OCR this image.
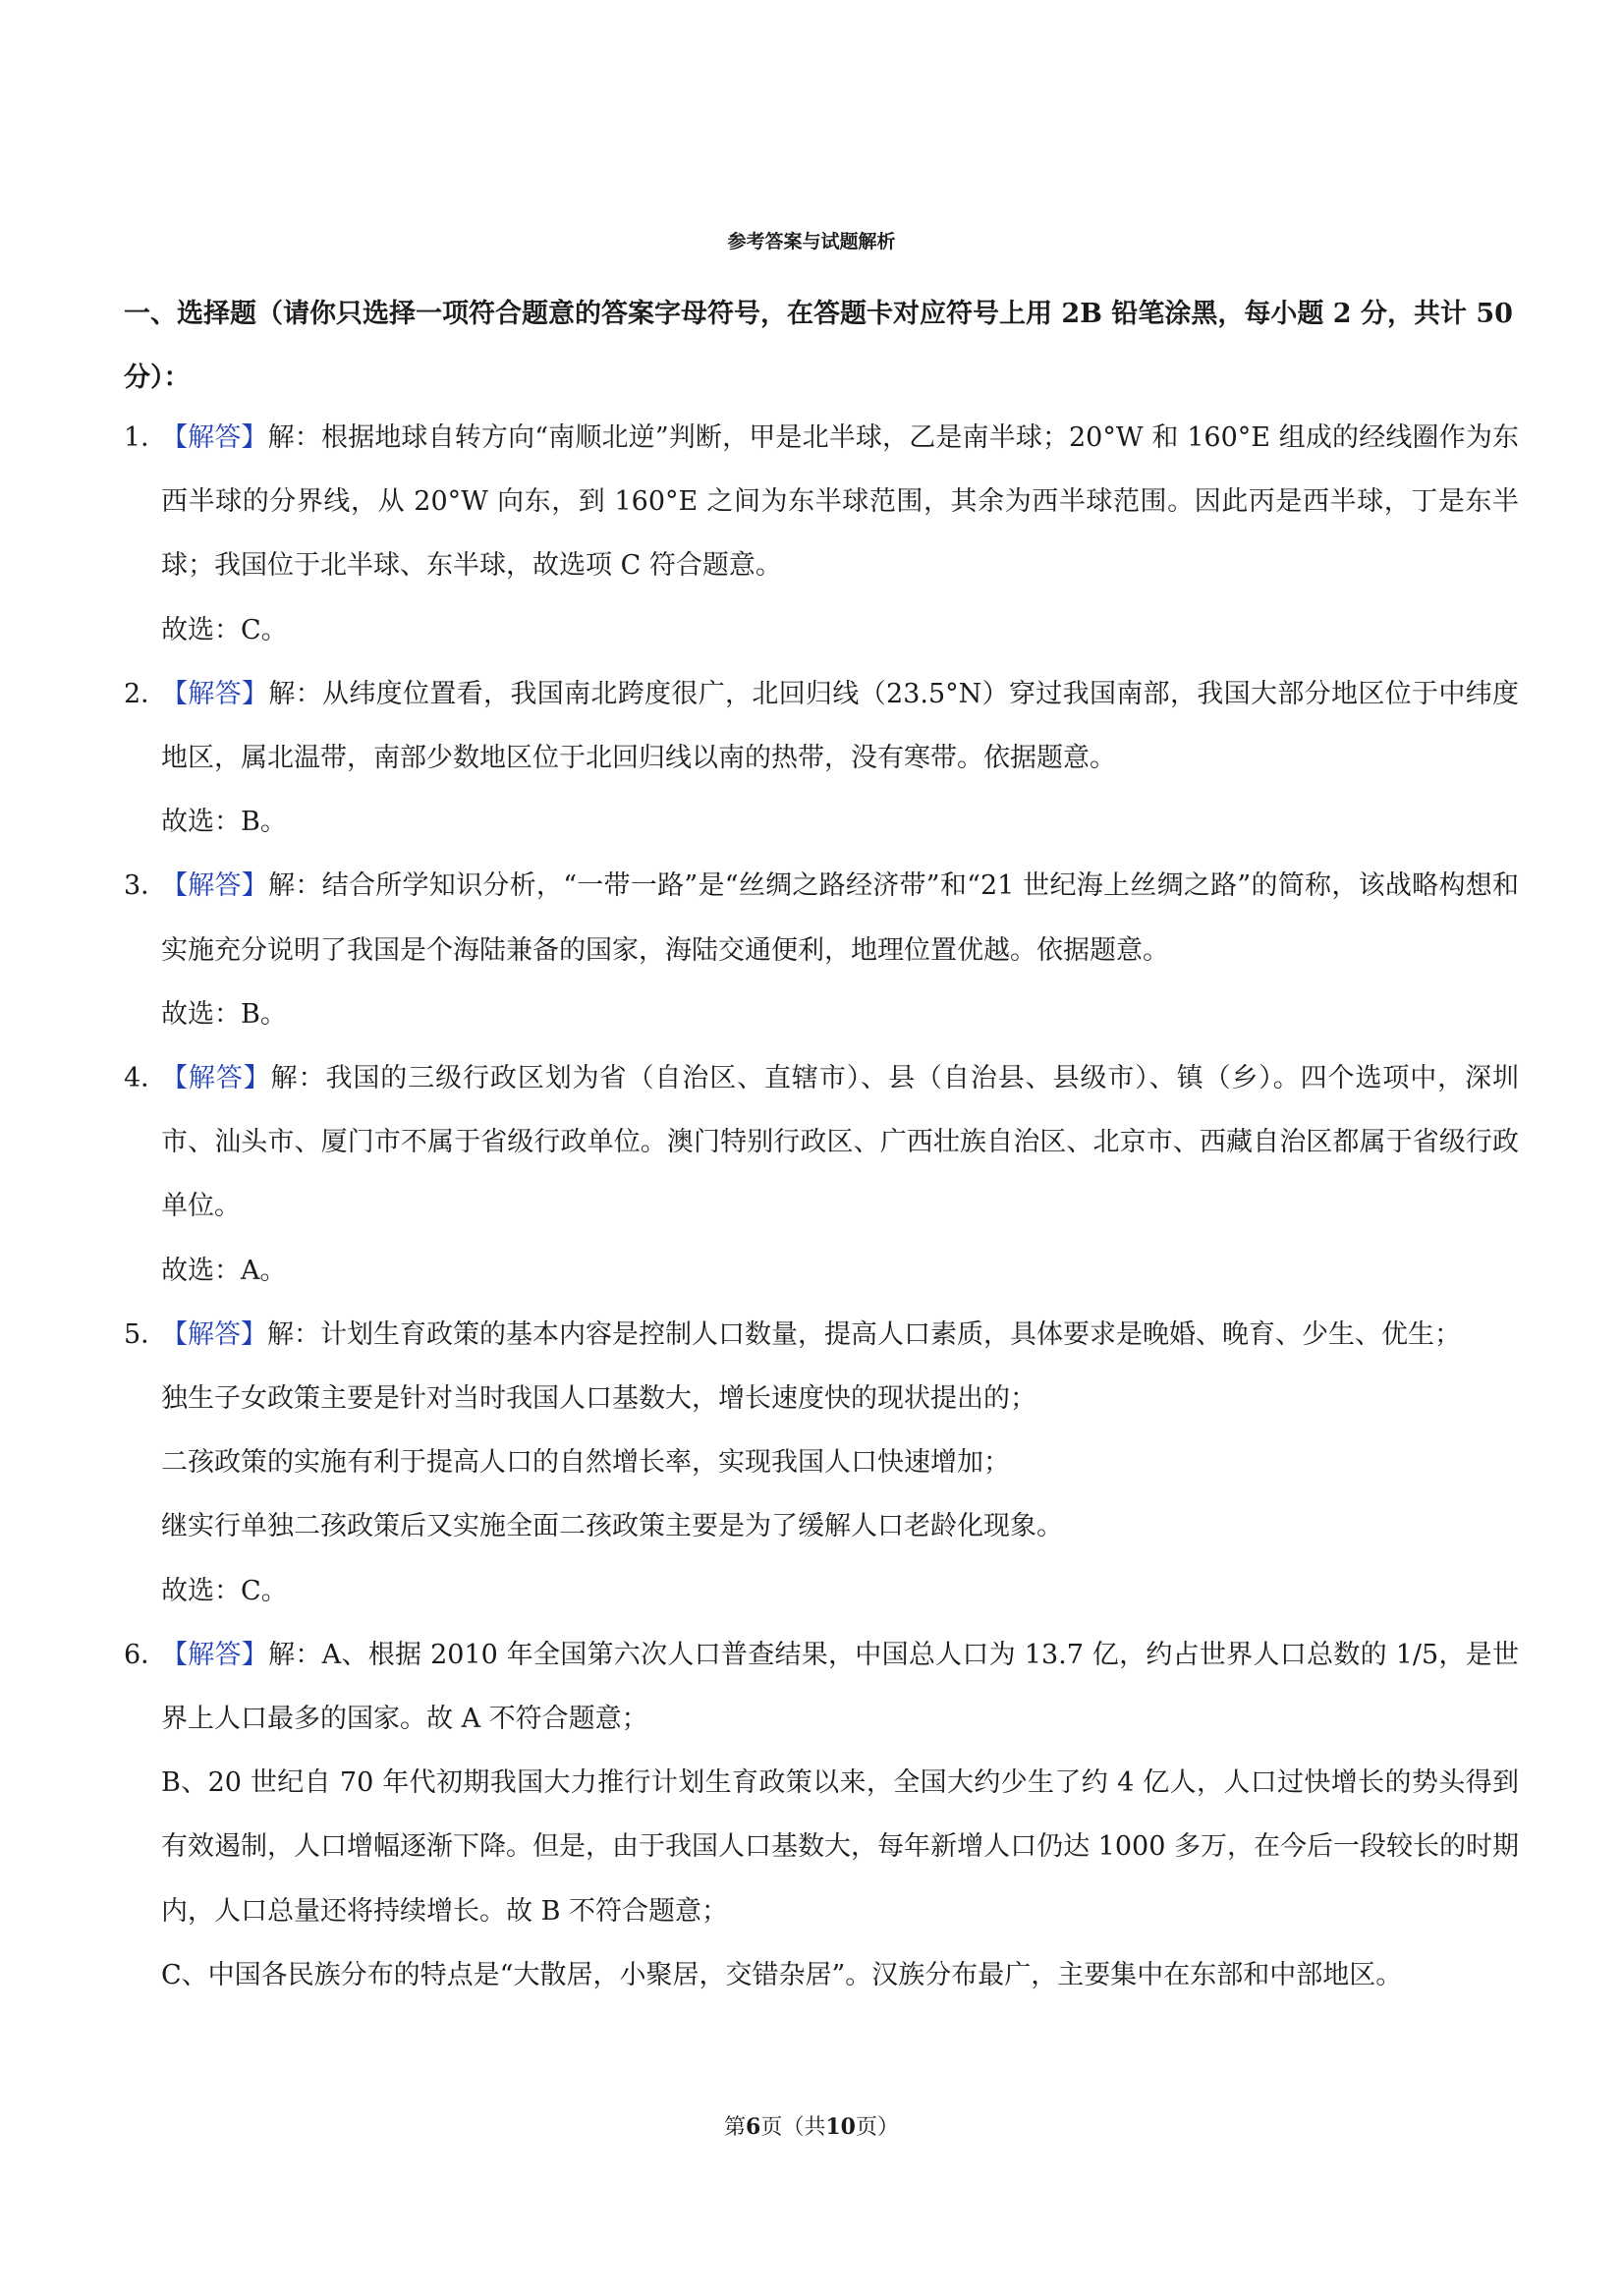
参考答案与试题解析
一、选择题（请你只选择一项符合题意的答案字母符号，在答题卡对应符号上用 2B 铅笔涂黑，每小题 2 分，共计 50 分）：
1．
【解答】解：根据地球自转方向“南顺北逆”判断，甲是北半球，乙是南半球；20°W 和 160°E 组成的经线圈作为东西半球的分界线，从 20°W 向东，到 160°E 之间为东半球范围，其余为西半球范围。因此丙是西半球，丁是东半球；我国位于北半球、东半球，故选项 C 符合题意。
故选：C。
2．
【解答】解：从纬度位置看，我国南北跨度很广，北回归线（23.5°N）穿过我国南部，我国大部分地区位于中纬度地区，属北温带，南部少数地区位于北回归线以南的热带，没有寒带。依据题意。
故选：B。
3．
【解答】解：结合所学知识分析，“一带一路”是“丝绸之路经济带”和“21 世纪海上丝绸之路”的简称，该战略构想和实施充分说明了我国是个海陆兼备的国家，海陆交通便利，地理位置优越。依据题意。
故选：B。
4．
【解答】解：我国的三级行政区划为省（自治区、直辖市）、县（自治县、县级市）、镇（乡）。四个选项中，深圳市、汕头市、厦门市不属于省级行政单位。澳门特别行政区、广西壮族自治区、北京市、西藏自治区都属于省级行政单位。
故选：A。
5．
【解答】解：计划生育政策的基本内容是控制人口数量，提高人口素质，具体要求是晚婚、晚育、少生、优生；
独生子女政策主要是针对当时我国人口基数大，增长速度快的现状提出的；
二孩政策的实施有利于提高人口的自然增长率，实现我国人口快速增加；
继实行单独二孩政策后又实施全面二孩政策主要是为了缓解人口老龄化现象。
故选：C。
6．
【解答】解：A、根据 2010 年全国第六次人口普查结果，中国总人口为 13.7 亿，约占世界人口总数的 1/5，是世界上人口最多的国家。故 A 不符合题意；
B、20 世纪自 70 年代初期我国大力推行计划生育政策以来，全国大约少生了约 4 亿人，人口过快增长的势头得到有效遏制，人口增幅逐渐下降。但是，由于我国人口基数大，每年新增人口仍达 1000 多万，在今后一段较长的时期内，人口总量还将持续增长。故 B 不符合题意；
C、中国各民族分布的特点是“大散居，小聚居，交错杂居”。汉族分布最广，主要集中在东部和中部地区。
第6页（共10页）
